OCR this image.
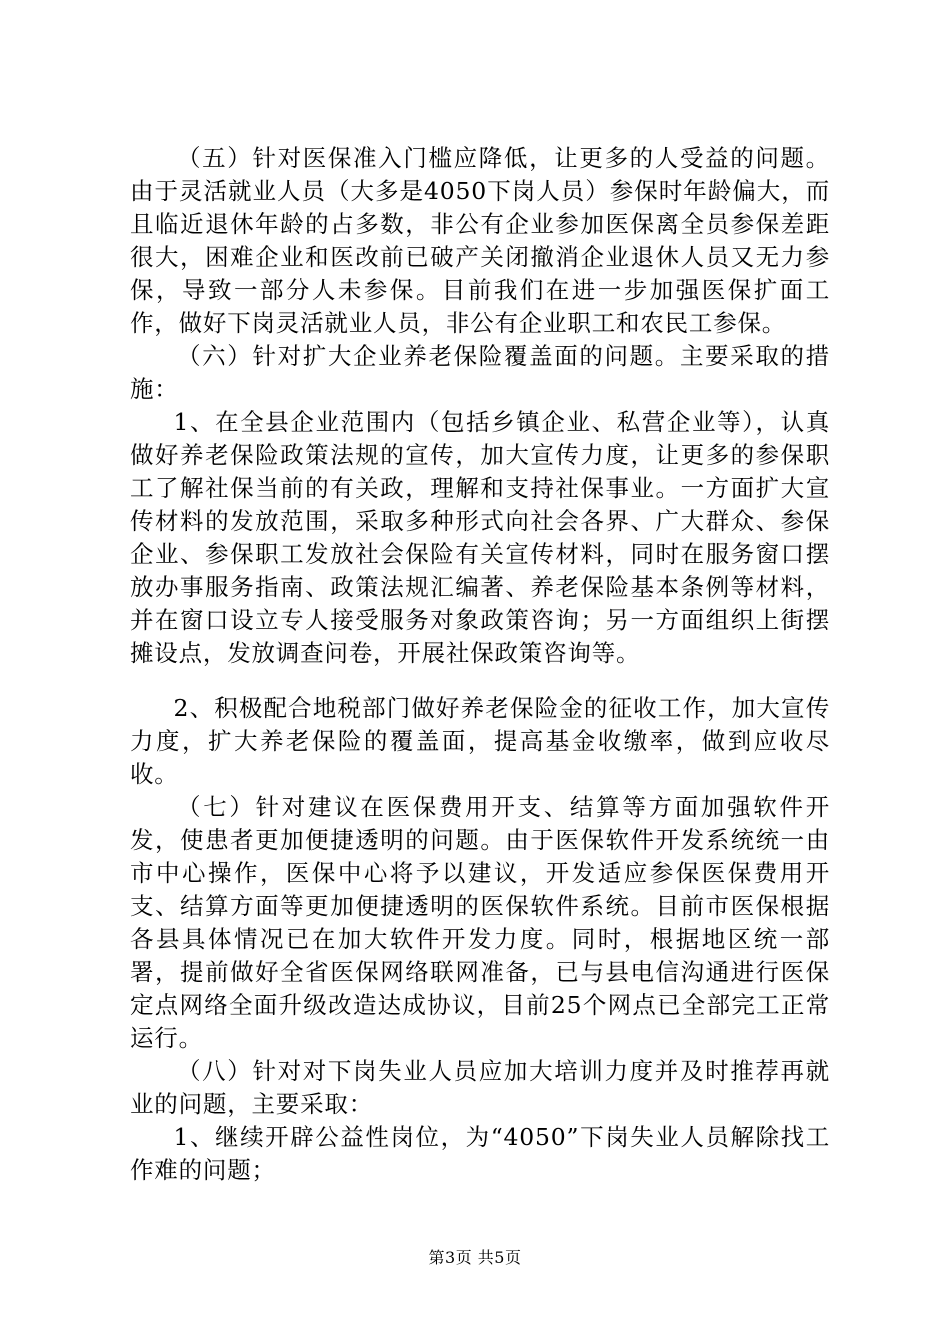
（五）针对医保准入门槛应降低，让更多的人受益的问题。由于灵活就业人员（大多是4050下岗人员）参保时年龄偏大，而且临近退休年龄的占多数，非公有企业参加医保离全员参保差距很大，困难企业和医改前已破产关闭撤消企业退休人员又无力参保，导致一部分人未参保。目前我们在进一步加强医保扩面工作，做好下岗灵活就业人员，非公有企业职工和农民工参保。

（六）针对扩大企业养老保险覆盖面的问题。主要采取的措施：

1、在全县企业范围内（包括乡镇企业、私营企业等），认真做好养老保险政策法规的宣传，加大宣传力度，让更多的参保职工了解社保当前的有关政，理解和支持社保事业。一方面扩大宣传材料的发放范围，采取多种形式向社会各界、广大群众、参保企业、参保职工发放社会保险有关宣传材料，同时在服务窗口摆放办事服务指南、政策法规汇编著、养老保险基本条例等材料，并在窗口设立专人接受服务对象政策咨询；另一方面组织上街摆摊设点，发放调查问卷，开展社保政策咨询等。

2、积极配合地税部门做好养老保险金的征收工作，加大宣传力度，扩大养老保险的覆盖面，提高基金收缴率，做到应收尽收。

（七）针对建议在医保费用开支、结算等方面加强软件开发，使患者更加便捷透明的问题。由于医保软件开发系统统一由市中心操作，医保中心将予以建议，开发适应参保医保费用开支、结算方面等更加便捷透明的医保软件系统。目前市医保根据各县具体情况已在加大软件开发力度。同时，根据地区统一部署，提前做好全省医保网络联网准备，已与县电信沟通进行医保定点网络全面升级改造达成协议，目前25个网点已全部完工正常运行。

（八）针对对下岗失业人员应加大培训力度并及时推荐再就业的问题，主要采取：

1、继续开辟公益性岗位，为“4050”下岗失业人员解除找工作难的问题；

第3页 共5页
